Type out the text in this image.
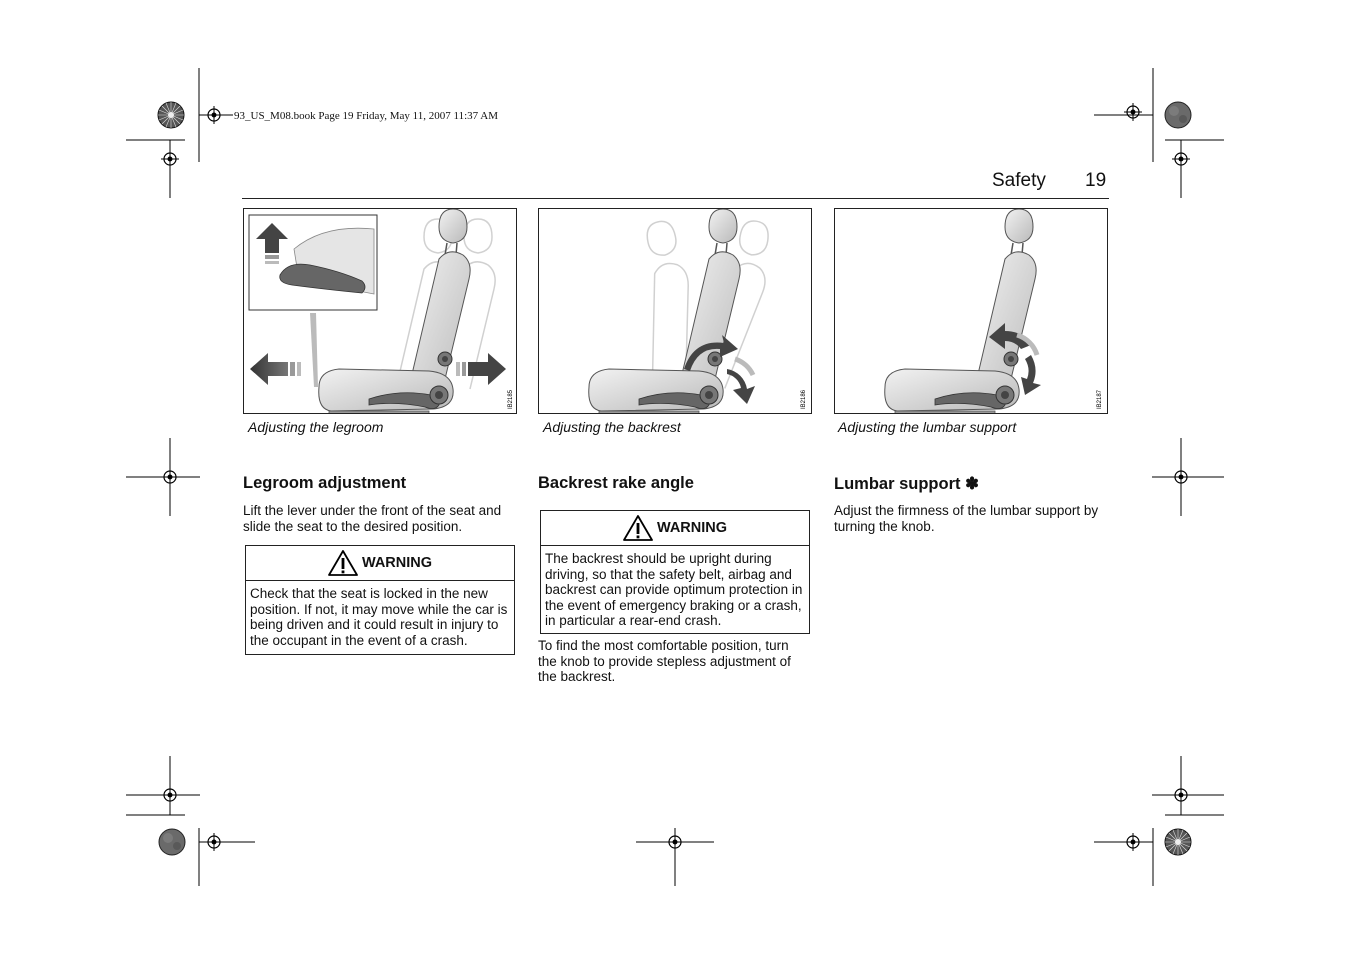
93_US_M08.book Page 19 Friday, May 11, 2007 11:37 AM
Safety 19
IB2185
Adjusting the legroom
IB2186
Adjusting the backrest
IB2187
Adjusting the lumbar support
Legroom adjustment
Lift the lever under the front of the seat and slide the seat to the desired position.
WARNING
Check that the seat is locked in the new position. If not, it may move while the car is being driven and it could result in injury to the occupant in the event of a crash.
Backrest rake angle
WARNING
The backrest should be upright during driving, so that the safety belt, airbag and backrest can provide optimum protection in the event of emergency braking or a crash, in particular a rear-end crash.
To find the most comfortable position, turn the knob to provide stepless adjustment of the backrest.
Lumbar support ✽
Adjust the firmness of the lumbar support by turning the knob.
